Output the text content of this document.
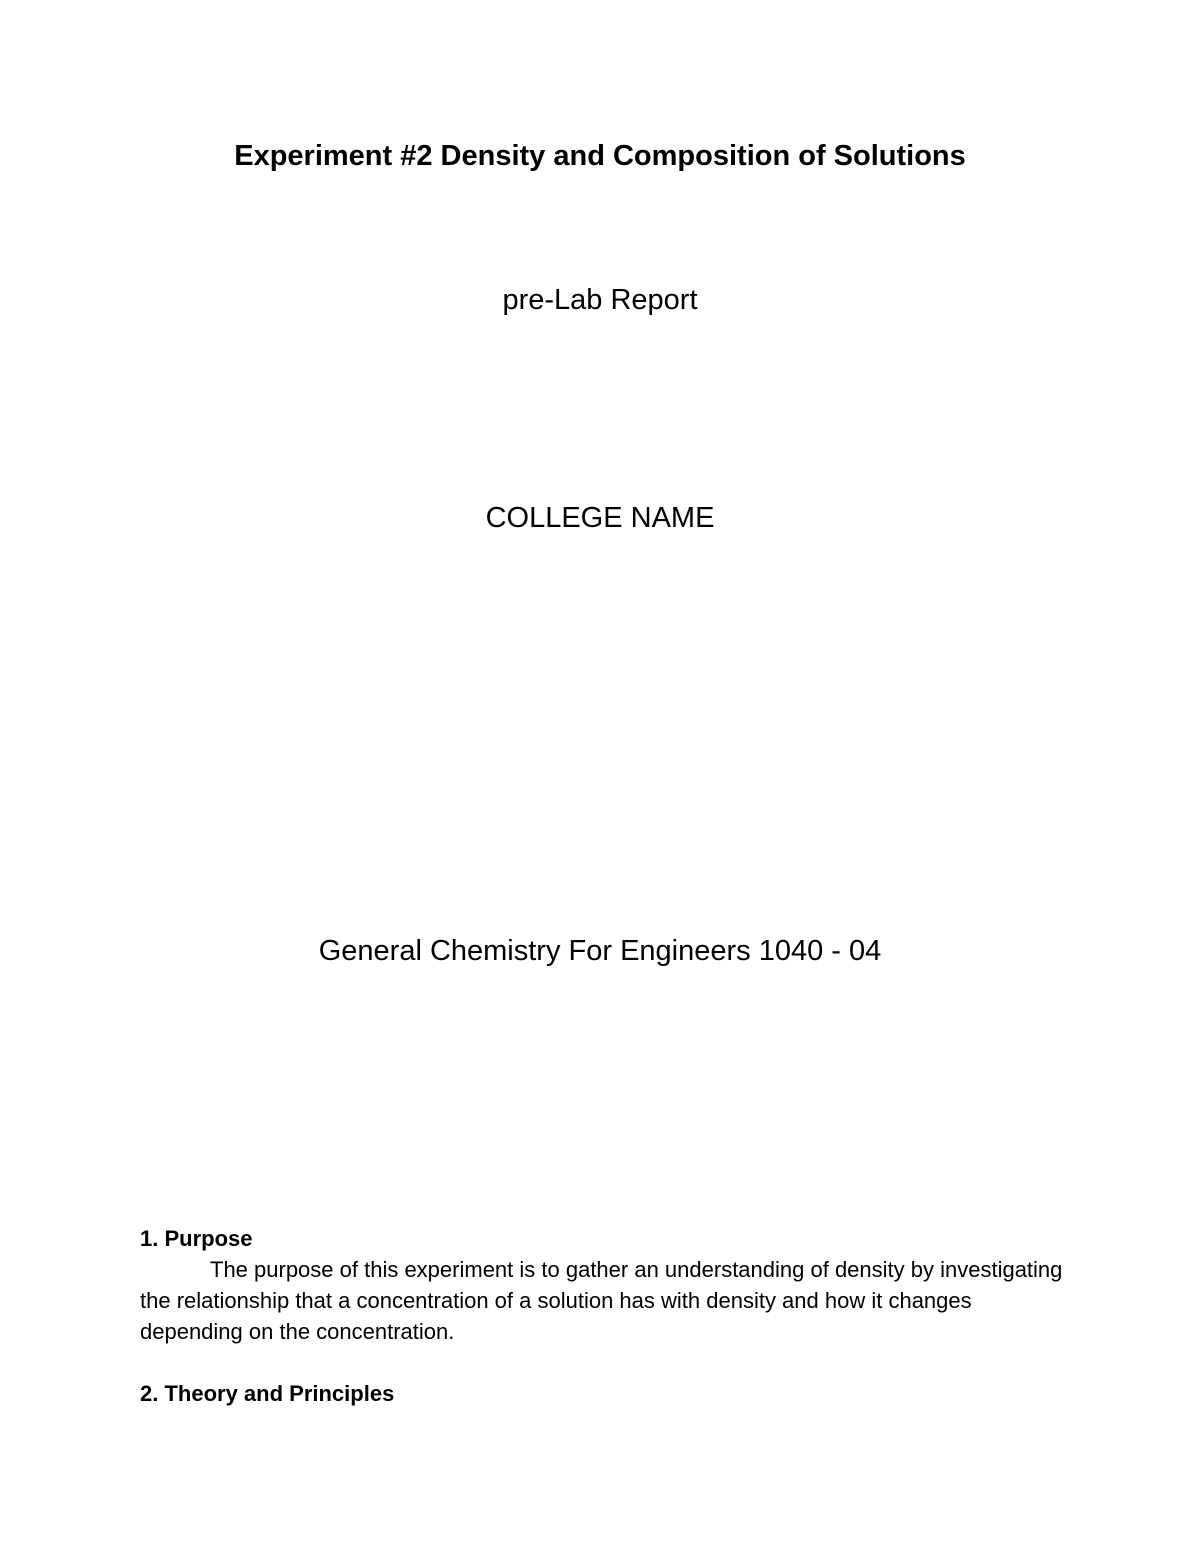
Experiment #2 Density and Composition of Solutions
pre-Lab Report
COLLEGE NAME
General Chemistry For Engineers 1040 - 04

1. Purpose

The purpose of this experiment is to gather an understanding of density by investigating the relationship that a concentration of a solution has with density and how it changes depending on the concentration.

2. Theory and Principles
